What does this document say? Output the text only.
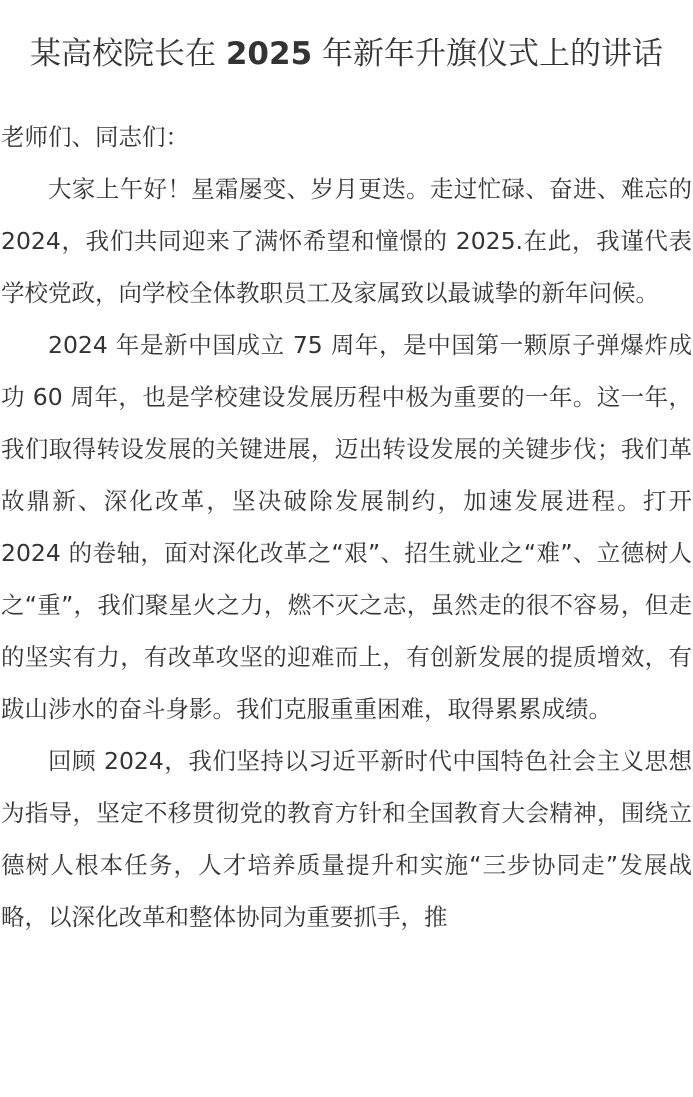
某高校院长在 2025 年新年升旗仪式上的讲话

老师们、同志们：

大家上午好！星霜屡变、岁月更迭。走过忙碌、奋进、难忘的 2024，我们共同迎来了满怀希望和憧憬的 2025.在此，我谨代表学校党政，向学校全体教职员工及家属致以最诚挚的新年问候。

2024 年是新中国成立 75 周年，是中国第一颗原子弹爆炸成功 60 周年，也是学校建设发展历程中极为重要的一年。这一年，我们取得转设发展的关键进展，迈出转设发展的关键步伐；我们革故鼎新、深化改革，坚决破除发展制约，加速发展进程。打开 2024 的卷轴，面对深化改革之“艰”、招生就业之“难”、立德树人之“重”，我们聚星火之力，燃不灭之志，虽然走的很不容易，但走的坚实有力，有改革攻坚的迎难而上，有创新发展的提质增效，有跋山涉水的奋斗身影。我们克服重重困难，取得累累成绩。

回顾 2024，我们坚持以习近平新时代中国特色社会主义思想为指导，坚定不移贯彻党的教育方针和全国教育大会精神，围绕立德树人根本任务，人才培养质量提升和实施“三步协同走”发展战略，以深化改革和整体协同为重要抓手，推
